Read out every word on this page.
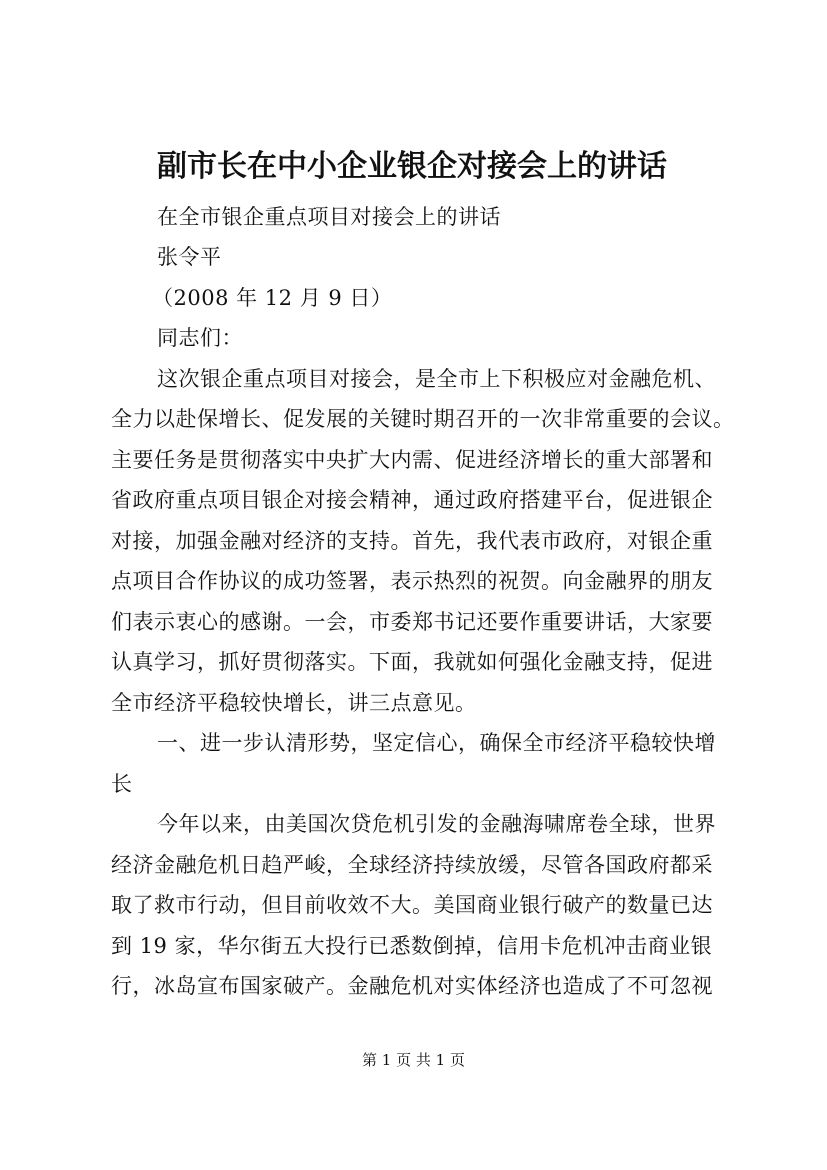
副市长在中小企业银企对接会上的讲话
在全市银企重点项目对接会上的讲话
张令平
（2008 年 12 月 9 日）
同志们：
这次银企重点项目对接会，是全市上下积极应对金融危机、
全力以赴保增长、促发展的关键时期召开的一次非常重要的会议。
主要任务是贯彻落实中央扩大内需、促进经济增长的重大部署和
省政府重点项目银企对接会精神，通过政府搭建平台，促进银企
对接，加强金融对经济的支持。首先，我代表市政府，对银企重
点项目合作协议的成功签署，表示热烈的祝贺。向金融界的朋友
们表示衷心的感谢。一会，市委郑书记还要作重要讲话，大家要
认真学习，抓好贯彻落实。下面，我就如何强化金融支持，促进
全市经济平稳较快增长，讲三点意见。
一、进一步认清形势，坚定信心，确保全市经济平稳较快增
长
今年以来，由美国次贷危机引发的金融海啸席卷全球，世界
经济金融危机日趋严峻，全球经济持续放缓，尽管各国政府都采
取了救市行动，但目前收效不大。美国商业银行破产的数量已达
到 19 家，华尔街五大投行已悉数倒掉，信用卡危机冲击商业银
行，冰岛宣布国家破产。金融危机对实体经济也造成了不可忽视
第 1 页 共 1 页
